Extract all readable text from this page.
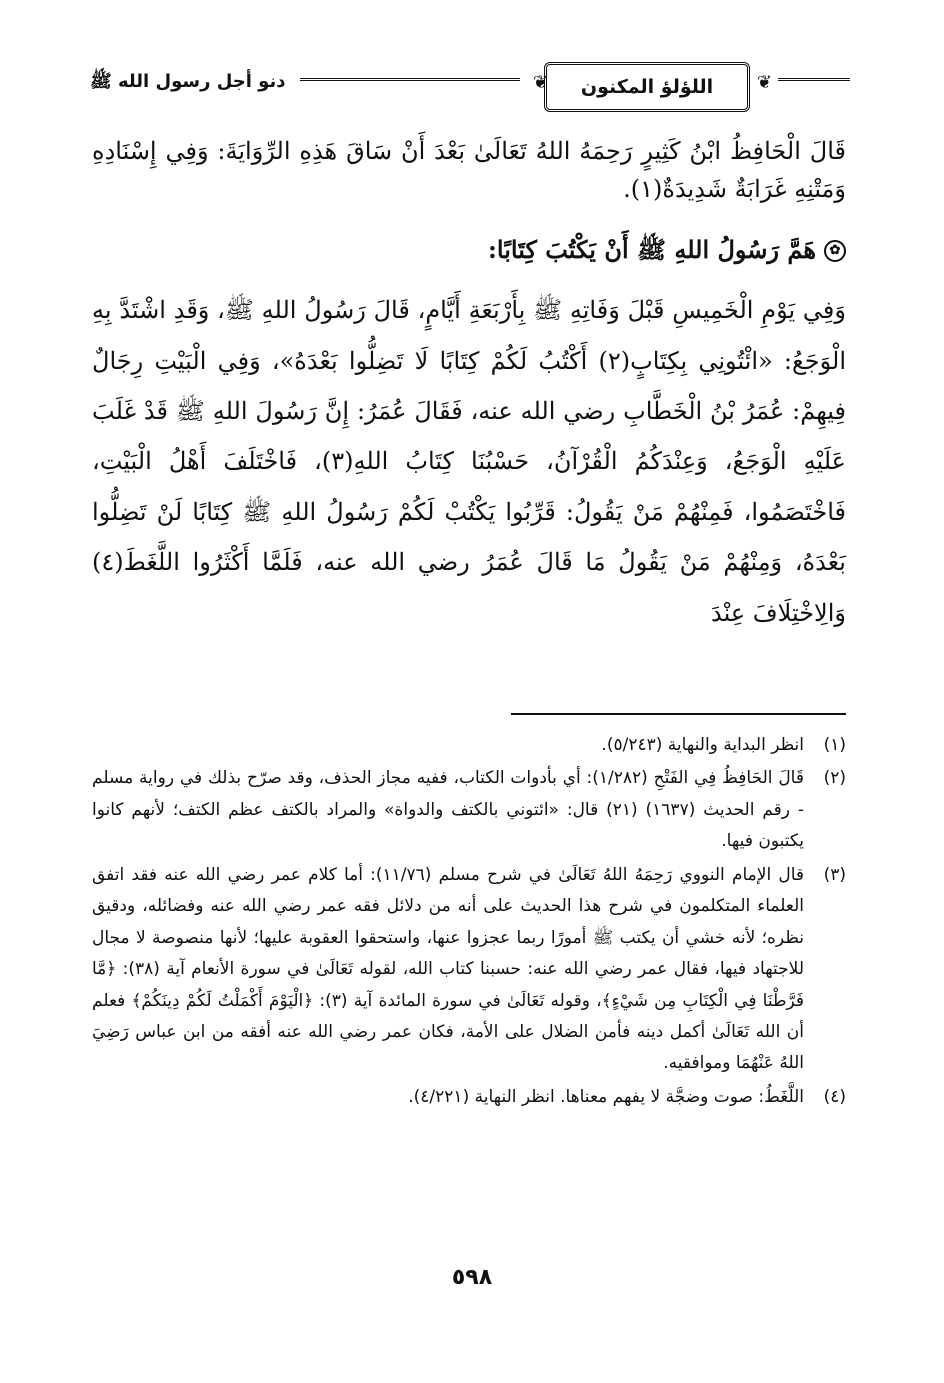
❦
اللؤلؤ المكنون
❦
دنو أجل رسول الله ﷺ

قَالَ الْحَافِظُ ابْنُ كَثِيرٍ رَحِمَهُ اللهُ تَعَالَىٰ بَعْدَ أَنْ سَاقَ هَذِهِ الرِّوَايَةَ: وَفِي إِسْنَادِهِ وَمَتْنِهِ غَرَابَةٌ شَدِيدَةٌ(١).

✿هَمَّ رَسُولُ اللهِ ﷺ أَنْ يَكْتُبَ كِتَابًا:

وَفِي يَوْمِ الْخَمِيسِ قَبْلَ وَفَاتِهِ ﷺ بِأَرْبَعَةِ أَيَّامٍ، قَالَ رَسُولُ اللهِ ﷺ، وَقَدِ اشْتَدَّ بِهِ الْوَجَعُ: «ائْتُونِي بِكِتَابٍ(٢) أَكْتُبُ لَكُمْ كِتَابًا لَا تَضِلُّوا بَعْدَهُ»، وَفِي الْبَيْتِ رِجَالٌ فِيهِمْ: عُمَرُ بْنُ الْخَطَّابِ رضي الله عنه، فَقَالَ عُمَرُ: إِنَّ رَسُولَ اللهِ ﷺ قَدْ غَلَبَ عَلَيْهِ الْوَجَعُ، وَعِنْدَكُمُ الْقُرْآنُ، حَسْبُنَا كِتَابُ اللهِ(٣)، فَاخْتَلَفَ أَهْلُ الْبَيْتِ، فَاخْتَصَمُوا، فَمِنْهُمْ مَنْ يَقُولُ: قَرِّبُوا يَكْتُبْ لَكُمْ رَسُولُ اللهِ ﷺ كِتَابًا لَنْ تَضِلُّوا بَعْدَهُ، وَمِنْهُمْ مَنْ يَقُولُ مَا قَالَ عُمَرُ رضي الله عنه، فَلَمَّا أَكْثَرُوا اللَّغَطَ(٤) وَالِاخْتِلَافَ عِنْدَ

(١)
انظر البداية والنهاية (٥/٢٤٣).
(٢)
قَالَ الحَافِظُ فِي الفَتْحِ (١/٢٨٢): أي بأدوات الكتاب، ففيه مجاز الحذف، وقد صرّح بذلك في رواية مسلم - رقم الحديث (١٦٣٧) (٢١) قال: «ائتوني بالكتف والدواة» والمراد بالكتف عظم الكتف؛ لأنهم كانوا يكتبون فيها.
(٣)
قال الإمام النووي رَحِمَهُ اللهُ تَعَالَىٰ في شرح مسلم (١١/٧٦): أما كلام عمر رضي الله عنه فقد اتفق العلماء المتكلمون في شرح هذا الحديث على أنه من دلائل فقه عمر رضي الله عنه وفضائله، ودقيق نظره؛ لأنه خشي أن يكتب ﷺ أمورًا ربما عجزوا عنها، واستحقوا العقوبة عليها؛ لأنها منصوصة لا مجال للاجتهاد فيها، فقال عمر رضي الله عنه: حسبنا كتاب الله، لقوله تَعَالَىٰ في سورة الأنعام آية (٣٨): ﴿مَّا فَرَّطْنَا فِي الْكِتَابِ مِن شَيْءٍ﴾، وقوله تَعَالَىٰ في سورة المائدة آية (٣): ﴿الْيَوْمَ أَكْمَلْتُ لَكُمْ دِينَكُمْ﴾ فعلم أن الله تَعَالَىٰ أكمل دينه فأمن الضلال على الأمة، فكان عمر رضي الله عنه أفقه من ابن عباس رَضِيَ اللهُ عَنْهُمَا وموافقيه.
(٤)
اللَّغَطُ: صوت وضجَّة لا يفهم معناها. انظر النهاية (٤/٢٢١).
٥٩٨
